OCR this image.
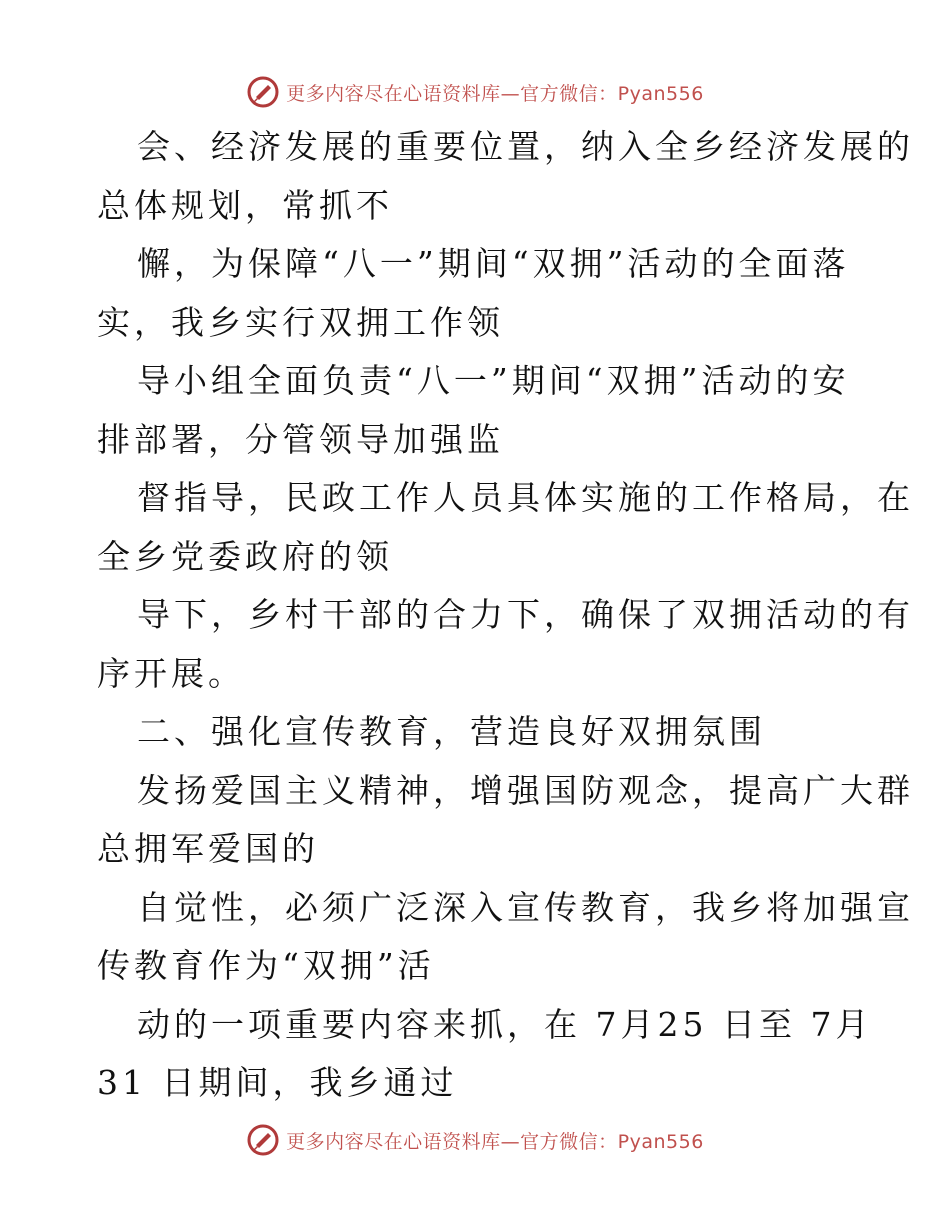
更多内容尽在心语资料库—官方微信：Pyan556
会、经济发展的重要位置，纳入全乡经济发展的
总体规划，常抓不
懈，为保障“八一”期间“双拥”活动的全面落
实，我乡实行双拥工作领
导小组全面负责“八一”期间“双拥”活动的安
排部署，分管领导加强监
督指导，民政工作人员具体实施的工作格局，在
全乡党委政府的领
导下，乡村干部的合力下，确保了双拥活动的有
序开展。
二、强化宣传教育，营造良好双拥氛围
发扬爱国主义精神，增强国防观念，提高广大群
总拥军爱国的
自觉性，必须广泛深入宣传教育，我乡将加强宣
传教育作为“双拥”活
动的一项重要内容来抓，在 7月25 日至 7月
31 日期间，我乡通过
更多内容尽在心语资料库—官方微信：Pyan556
